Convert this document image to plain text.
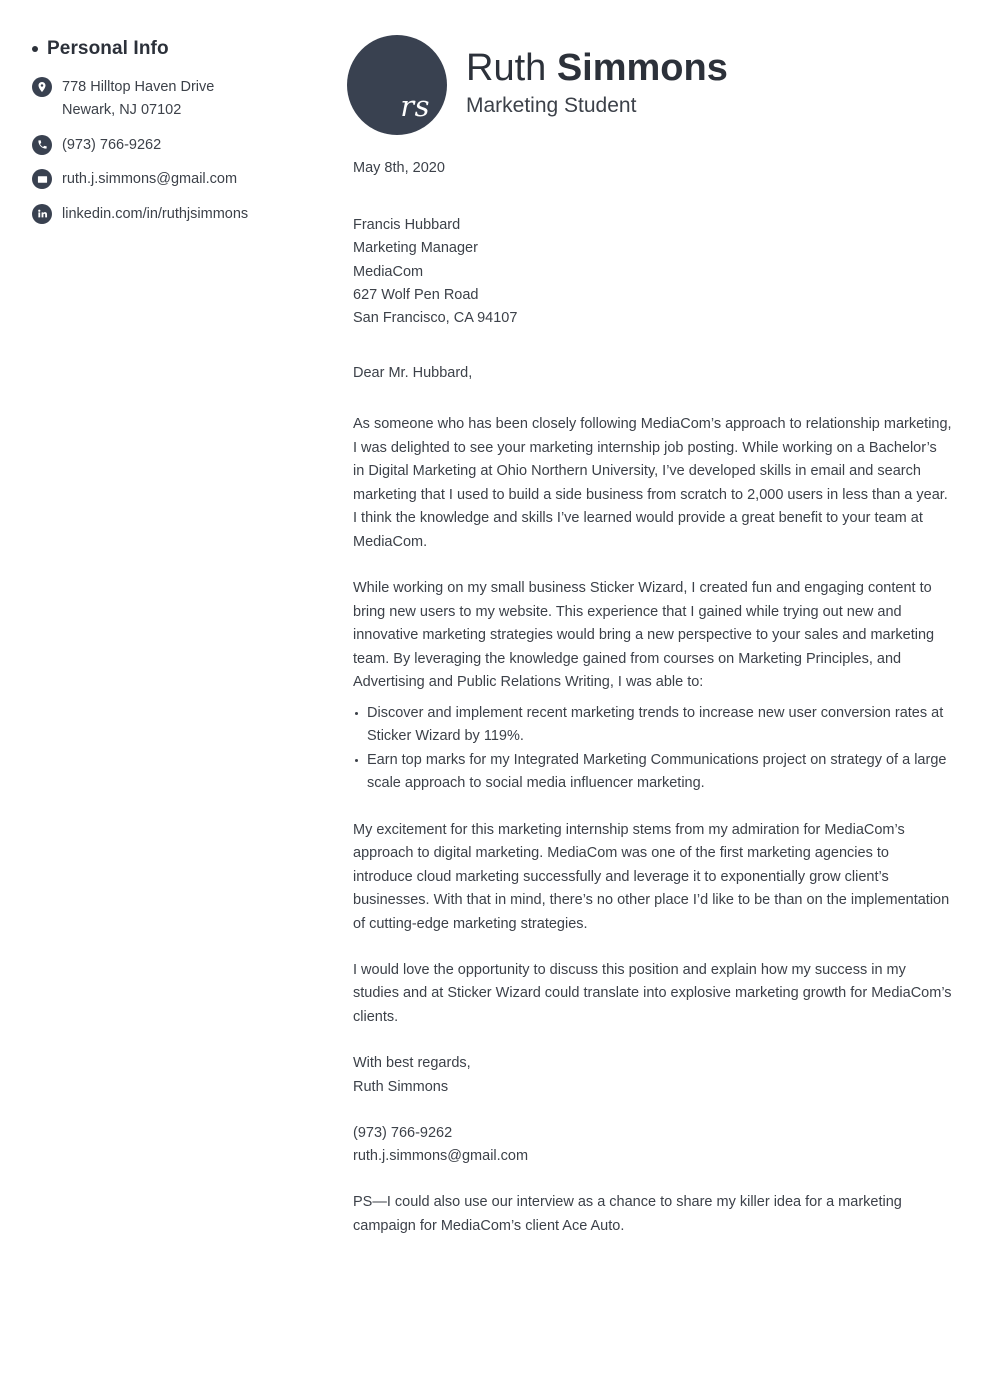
Personal Info
778 Hilltop Haven Drive
Newark, NJ 07102
(973) 766-9262
ruth.j.simmons@gmail.com
linkedin.com/in/ruthjsimmons
rs
Ruth Simmons
Marketing Student

May 8th, 2020

Francis Hubbard

Marketing Manager

MediaCom

627 Wolf Pen Road

San Francisco, CA 94107

Dear Mr. Hubbard,

As someone who has been closely following MediaCom’s approach to relationship marketing, I was delighted to see your marketing internship job posting. While working on a Bachelor’s in Digital Marketing at Ohio Northern University, I’ve developed skills in email and search marketing that I used to build a side business from scratch to 2,000 users in less than a year. I think the knowledge and skills I’ve learned would provide a great benefit to your team at MediaCom.

While working on my small business Sticker Wizard, I created fun and engaging content to bring new users to my website. This experience that I gained while trying out new and innovative marketing strategies would bring a new perspective to your sales and marketing team. By leveraging the knowledge gained from courses on Marketing Principles, and Advertising and Public Relations Writing, I was able to:

Discover and implement recent marketing trends to increase new user conversion rates at Sticker Wizard by 119%.
Earn top marks for my Integrated Marketing Communications project on strategy of a large scale approach to social media influencer marketing.

My excitement for this marketing internship stems from my admiration for MediaCom’s approach to digital marketing. MediaCom was one of the first marketing agencies to introduce cloud marketing successfully and leverage it to exponentially grow client’s businesses. With that in mind, there’s no other place I’d like to be than on the implementation of cutting-edge marketing strategies.

I would love the opportunity to discuss this position and explain how my success in my studies and at Sticker Wizard could translate into explosive marketing growth for MediaCom’s clients.

With best regards,

Ruth Simmons

(973) 766-9262

ruth.j.simmons@gmail.com

PS—I could also use our interview as a chance to share my killer idea for a marketing campaign for MediaCom’s client Ace Auto.
